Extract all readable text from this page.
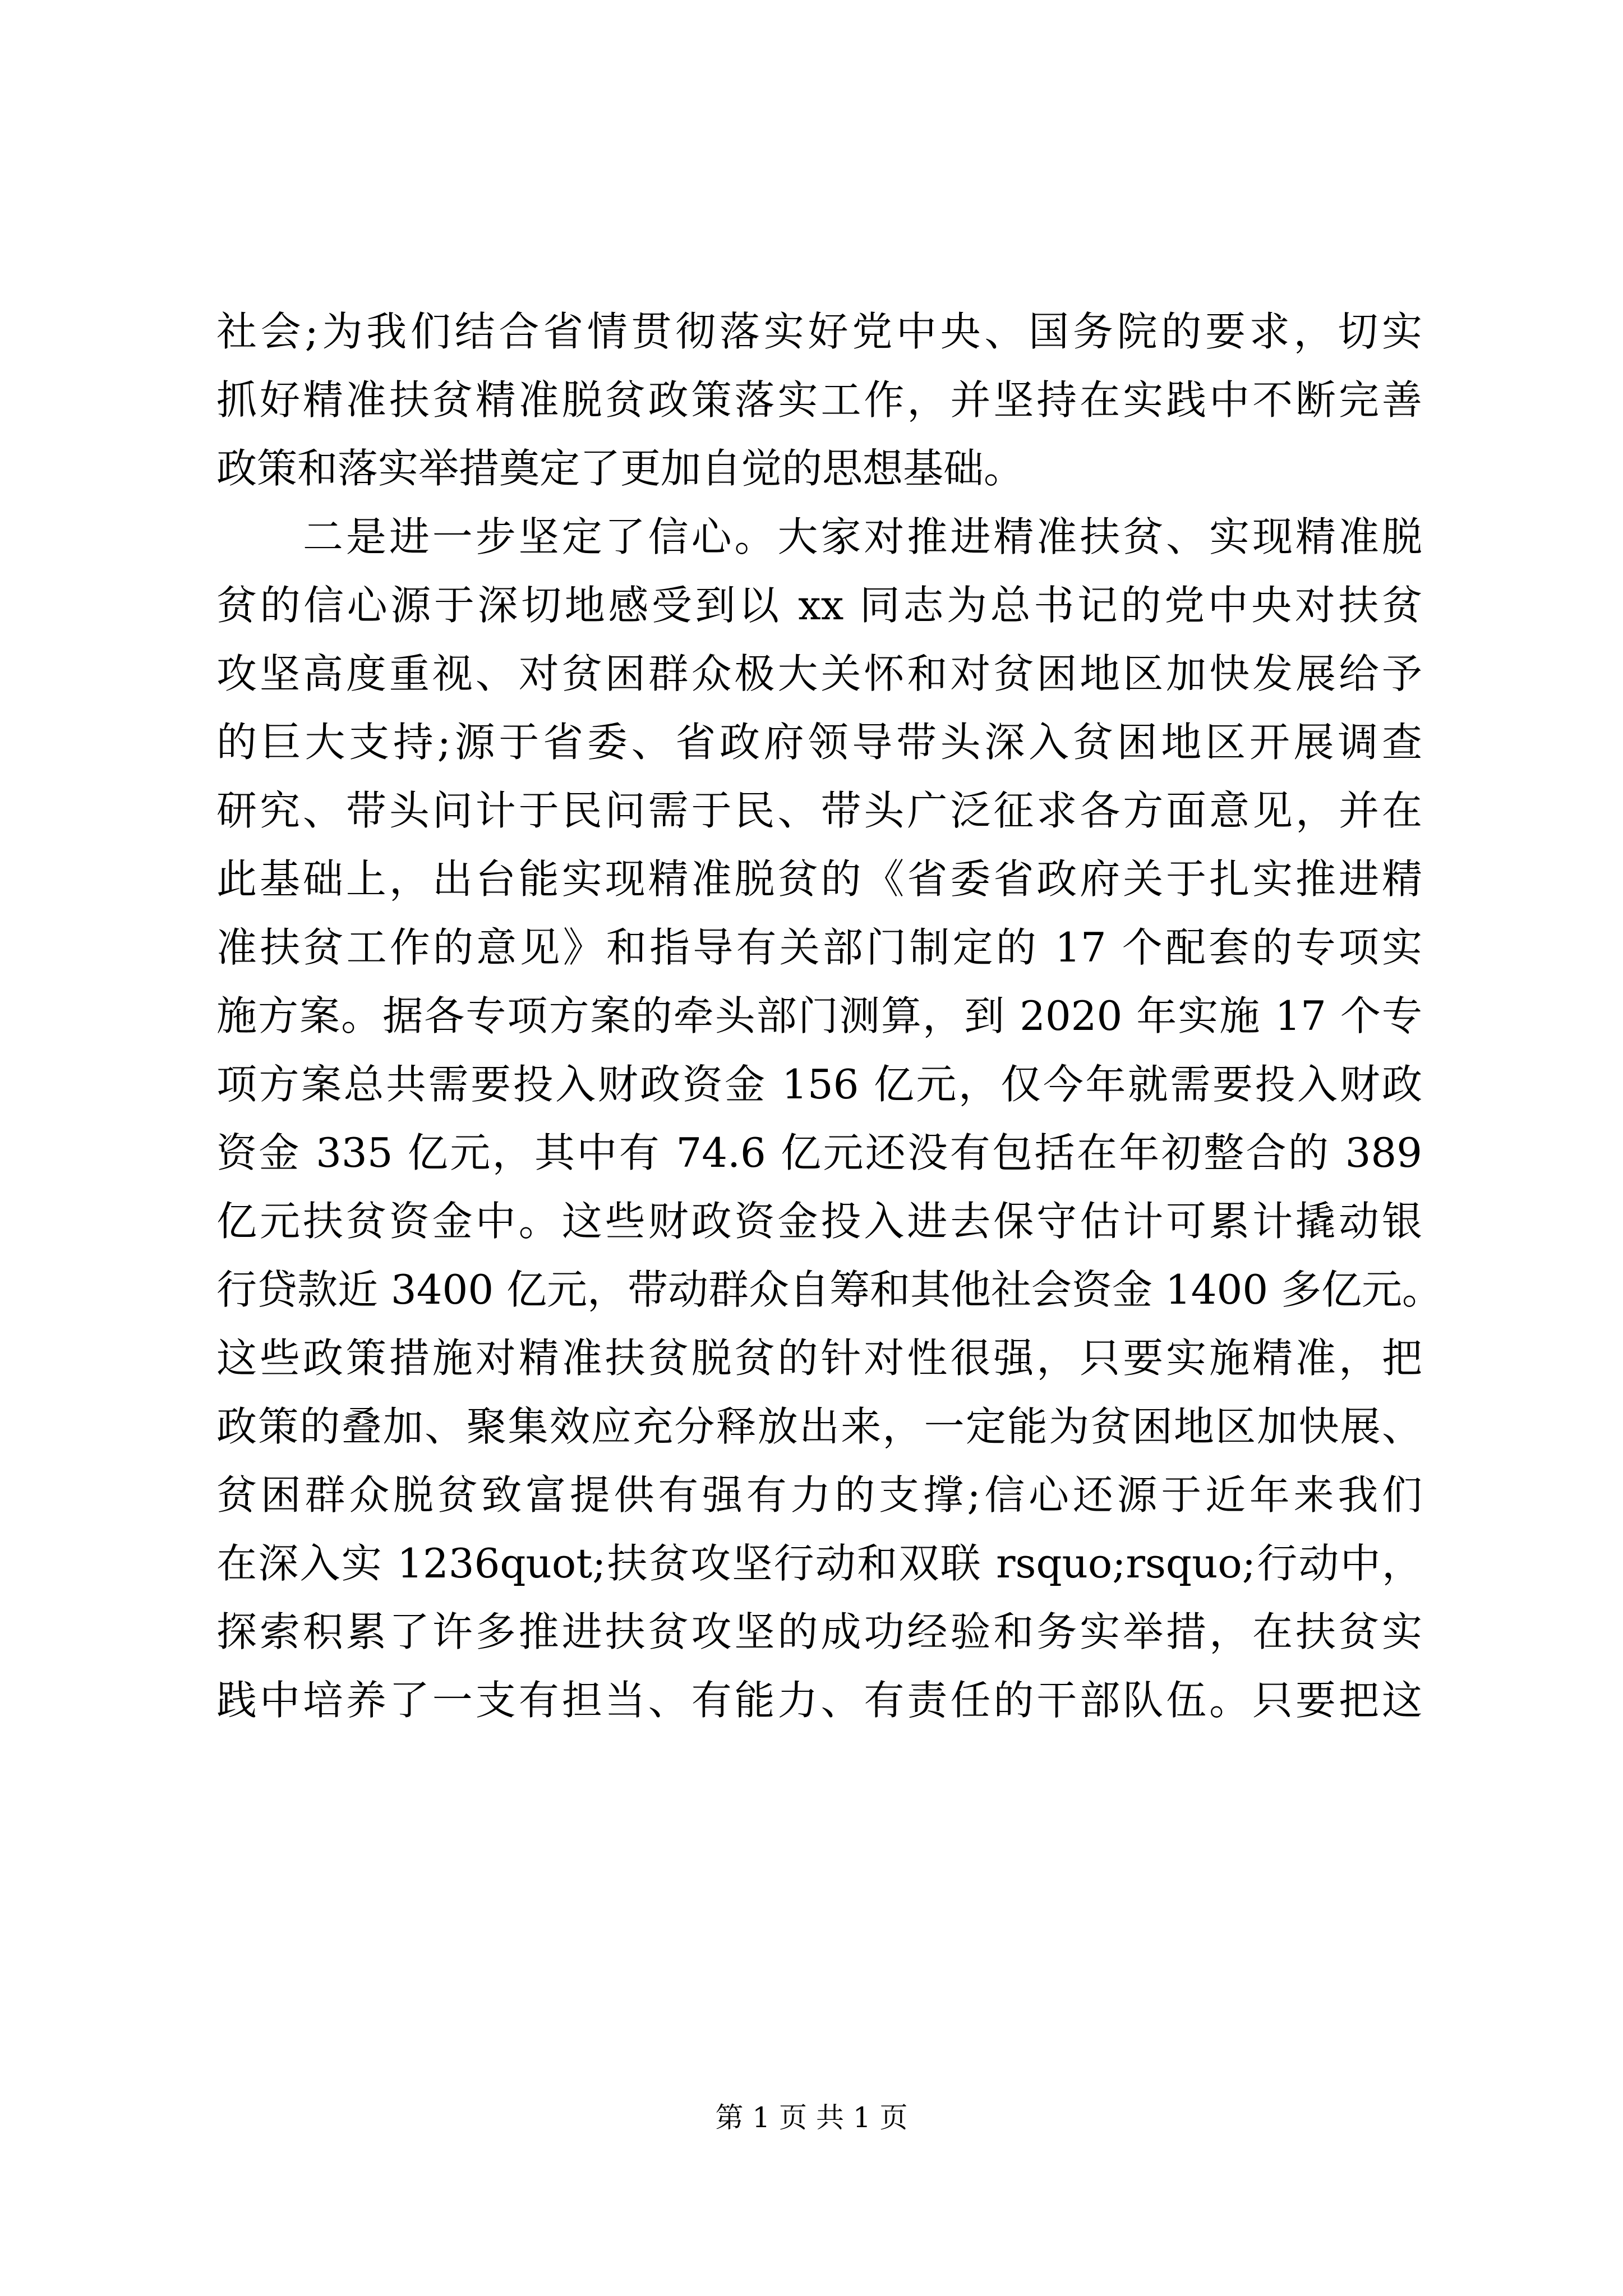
社会;为我们结合省情贯彻落实好党中央、国务院的要求，切实
抓好精准扶贫精准脱贫政策落实工作，并坚持在实践中不断完善
政策和落实举措奠定了更加自觉的思想基础。
　　二是进一步坚定了信心。大家对推进精准扶贫、实现精准脱
贫的信心源于深切地感受到以 xx 同志为总书记的党中央对扶贫
攻坚高度重视、对贫困群众极大关怀和对贫困地区加快发展给予
的巨大支持;源于省委、省政府领导带头深入贫困地区开展调查
研究、带头问计于民问需于民、带头广泛征求各方面意见，并在
此基础上，出台能实现精准脱贫的《省委省政府关于扎实推进精
准扶贫工作的意见》和指导有关部门制定的 17 个配套的专项实
施方案。据各专项方案的牵头部门测算，到 2020 年实施 17 个专
项方案总共需要投入财政资金 156 亿元，仅今年就需要投入财政
资金 335 亿元，其中有 74.6 亿元还没有包括在年初整合的 389
亿元扶贫资金中。这些财政资金投入进去保守估计可累计撬动银
行贷款近 3400 亿元，带动群众自筹和其他社会资金 1400 多亿元。
这些政策措施对精准扶贫脱贫的针对性很强，只要实施精准，把
政策的叠加、聚集效应充分释放出来，一定能为贫困地区加快展、
贫困群众脱贫致富提供有强有力的支撑;信心还源于近年来我们
在深入实 1236quot;扶贫攻坚行动和双联 rsquo;rsquo;行动中，
探索积累了许多推进扶贫攻坚的成功经验和务实举措，在扶贫实
践中培养了一支有担当、有能力、有责任的干部队伍。只要把这
第 1 页 共 1 页
